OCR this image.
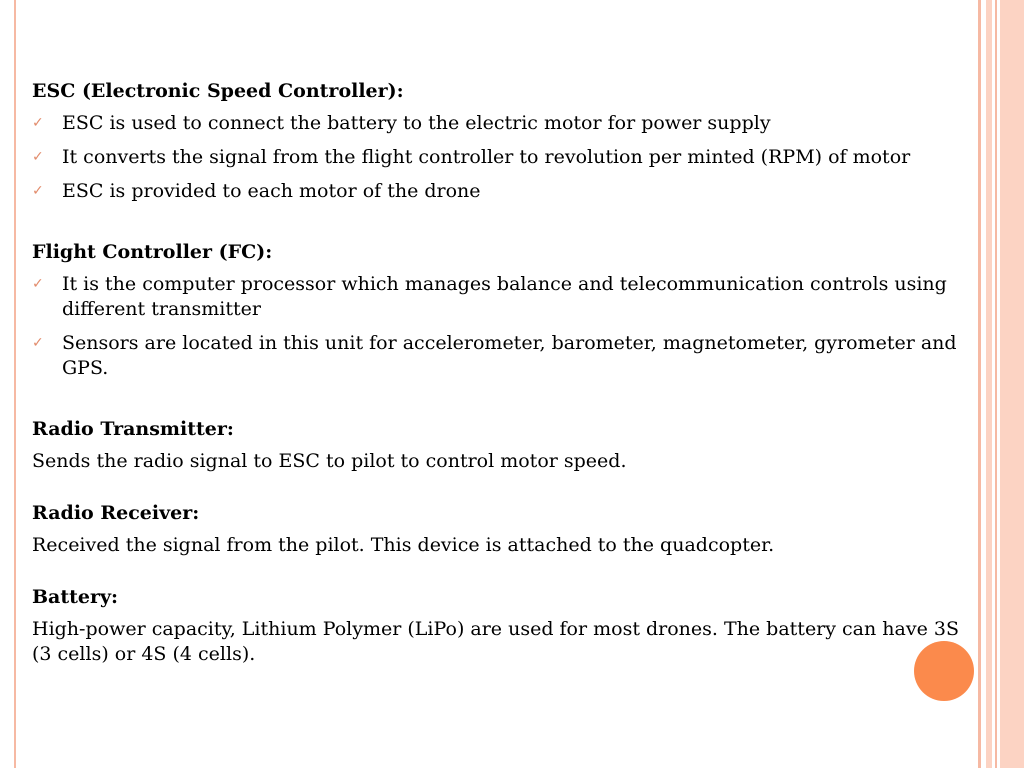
ESC (Electronic Speed Controller):
✓ ESC is used to connect the battery to the electric motor for power supply
✓ It converts the signal from the flight controller to revolution per minted (RPM) of motor
✓ ESC is provided to each motor of the drone
Flight Controller (FC):
✓ It is the computer processor which manages balance and telecommunication controls using different transmitter
✓ Sensors are located in this unit for accelerometer, barometer, magnetometer, gyrometer and GPS.
Radio Transmitter:

Sends the radio signal to ESC to pilot to control motor speed.

Radio Receiver:

Received the signal from the pilot. This device is attached to the quadcopter.

Battery:

High-power capacity, Lithium Polymer (LiPo) are used for most drones. The battery can have 3S (3 cells) or 4S (4 cells).
